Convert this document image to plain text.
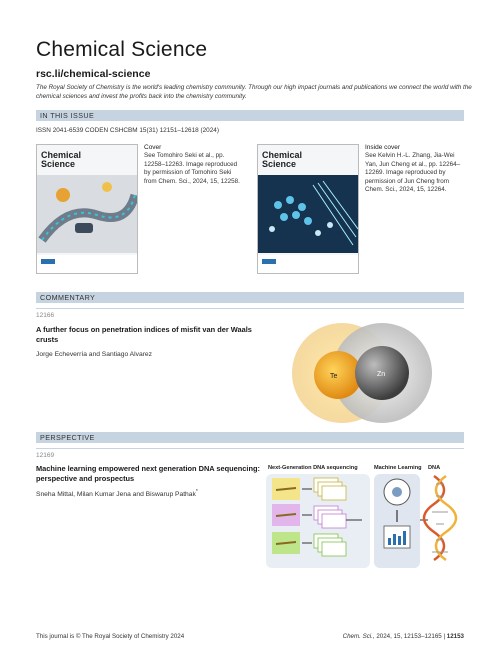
Chemical Science
rsc.li/chemical-science
The Royal Society of Chemistry is the world's leading chemistry community. Through our high impact journals and publications we connect the world with the chemical sciences and invest the profits back into the chemistry community.
IN THIS ISSUE
ISSN 2041-6539 CODEN CSHCBM 15(31) 12151–12618 (2024)
Chemical Science
Cover
See Tomohiro Seki et al., pp. 12258–12263. Image reproduced by permission of Tomohiro Seki from Chem. Sci., 2024, 15, 12258.
Chemical Science
Inside cover
See Kelvin H.-L. Zhang, Jia-Wei Yan, Jun Cheng et al., pp. 12264–12269. Image reproduced by permission of Jun Cheng from Chem. Sci., 2024, 15, 12264.
COMMENTARY
12166
A further focus on penetration indices of misfit van der Waals crusts
Jorge Echeverría and Santiago Alvarez
Te	Zn
PERSPECTIVE
12169
Machine learning empowered next generation DNA sequencing: perspective and prospectus
Sneha Mittal, Milan Kumar Jena and Biswarup Pathak*
Next-Generation DNA sequencing	Machine Learning DNA
This journal is © The Royal Society of Chemistry 2024	Chem. Sci., 2024, 15, 12153–12165 | 12153
